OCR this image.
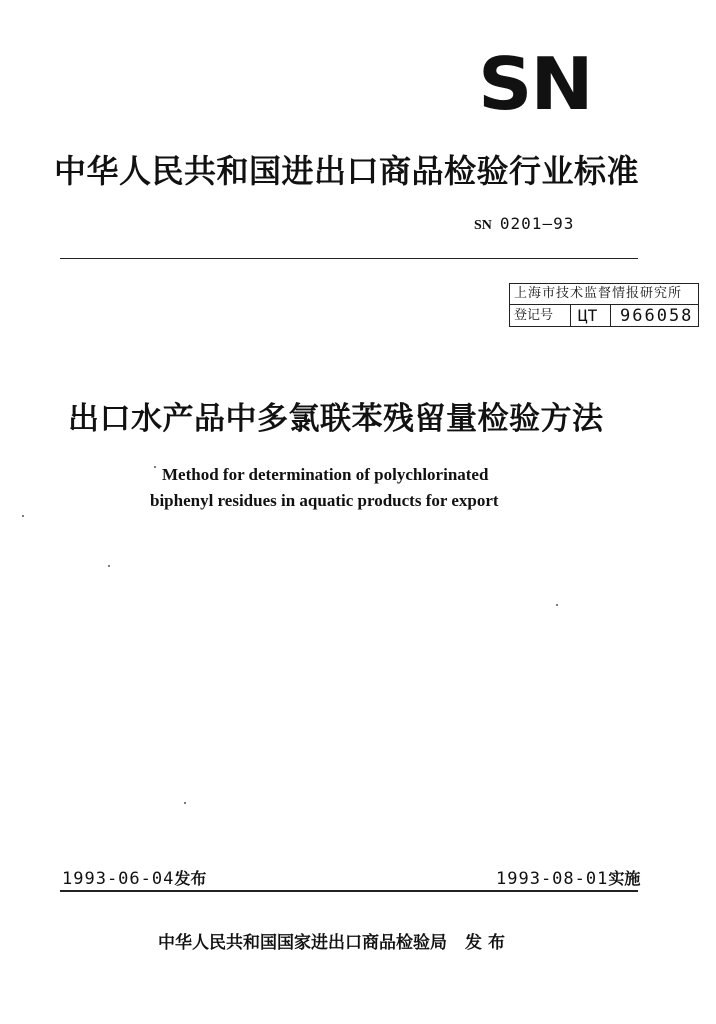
SN
中华人民共和国进出口商品检验行业标准
SN 0201—93
上海市技术监督情报研究所
登记号 ЦТ 966058
出口水产品中多氯联苯残留量检验方法
Method for determination of polychlorinated
biphenyl residues in aquatic products for export
1993-06-04发布	1993-08-01实施
中华人民共和国国家进出口商品检验局 发布
